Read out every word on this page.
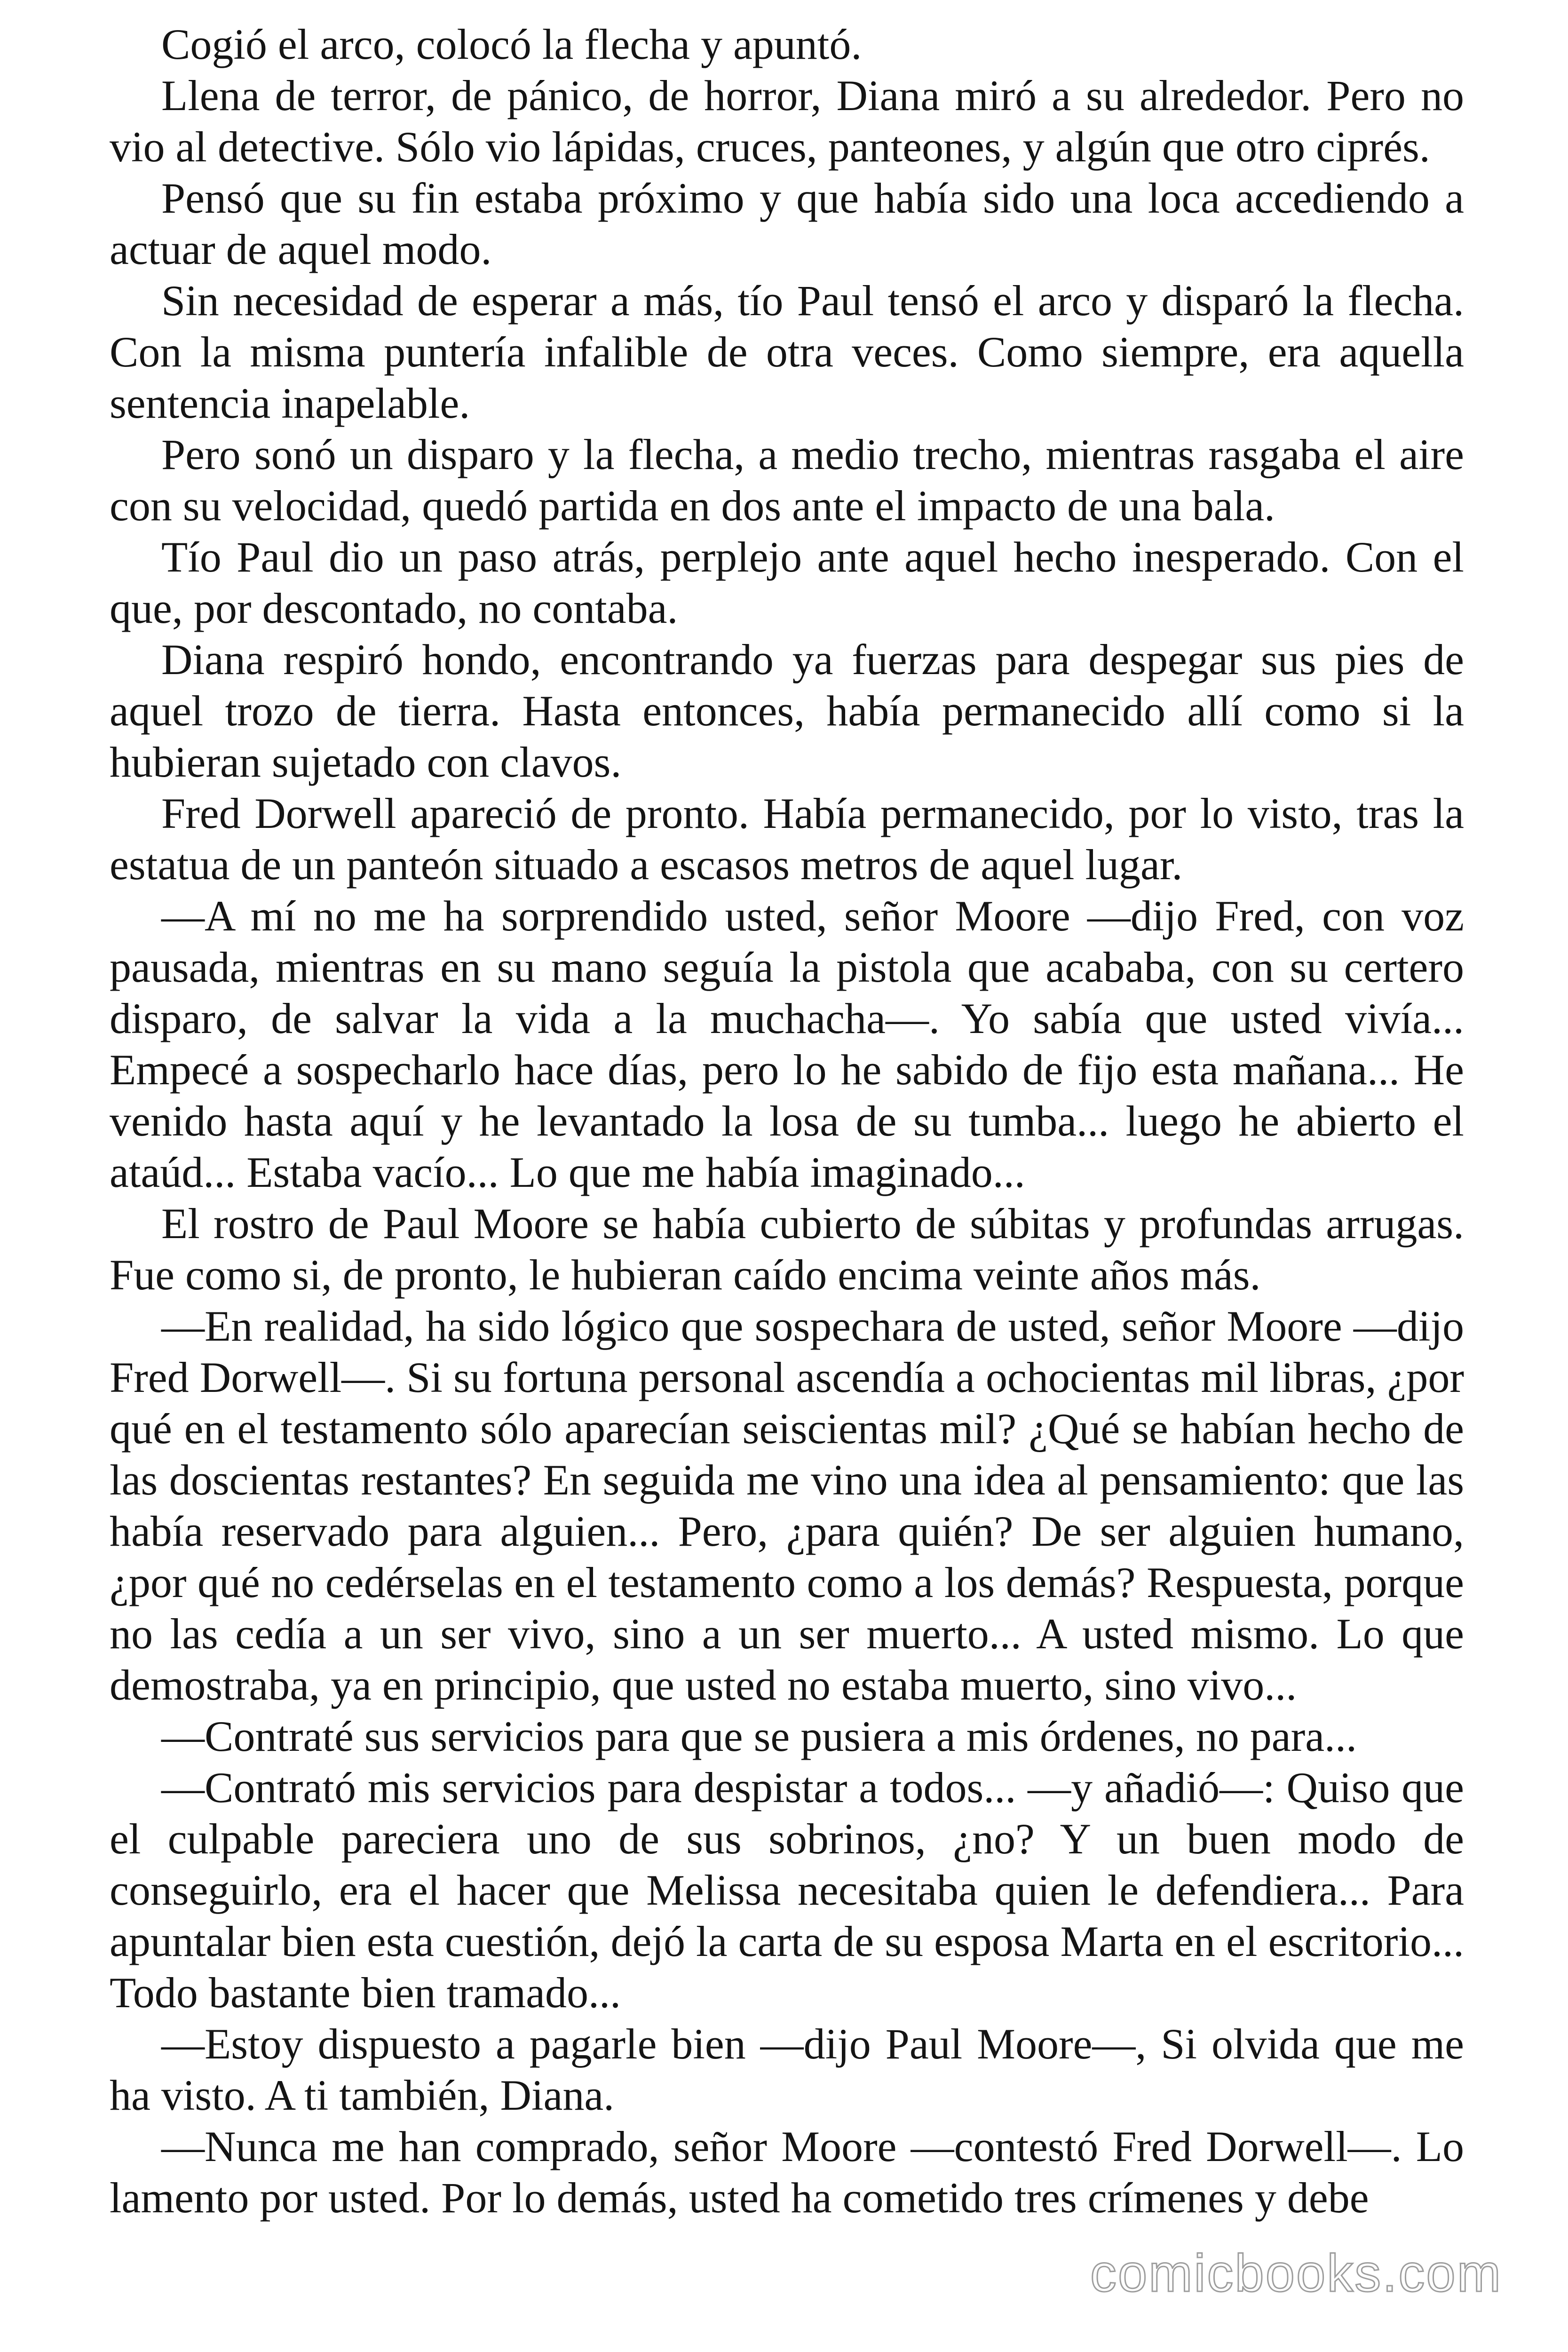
Cogió el arco, colocó la flecha y apuntó.

Llena de terror, de pánico, de horror, Diana miró a su alrededor. Pero no vio al detective. Sólo vio lápidas, cruces, panteones, y algún que otro ciprés.

Pensó que su fin estaba próximo y que había sido una loca accediendo a actuar de aquel modo.

Sin necesidad de esperar a más, tío Paul tensó el arco y disparó la flecha. Con la misma puntería infalible de otra veces. Como siempre, era aquella sentencia inapelable.

Pero sonó un disparo y la flecha, a medio trecho, mientras rasgaba el aire con su velocidad, quedó partida en dos ante el impacto de una bala.

Tío Paul dio un paso atrás, perplejo ante aquel hecho inesperado. Con el que, por descontado, no contaba.

Diana respiró hondo, encontrando ya fuerzas para despegar sus pies de aquel trozo de tierra. Hasta entonces, había permanecido allí como si la hubieran sujetado con clavos.

Fred Dorwell apareció de pronto. Había permanecido, por lo visto, tras la estatua de un panteón situado a escasos metros de aquel lugar.

—A mí no me ha sorprendido usted, señor Moore —dijo Fred, con voz pausada, mientras en su mano seguía la pistola que acababa, con su certero disparo, de salvar la vida a la muchacha—. Yo sabía que usted vivía... Empecé a sospecharlo hace días, pero lo he sabido de fijo esta mañana... He venido hasta aquí y he levantado la losa de su tumba... luego he abierto el ataúd... Estaba vacío... Lo que me había imaginado...

El rostro de Paul Moore se había cubierto de súbitas y profundas arrugas. Fue como si, de pronto, le hubieran caído encima veinte años más.

—En realidad, ha sido lógico que sospechara de usted, señor Moore —dijo Fred Dorwell—. Si su fortuna personal ascendía a ochocientas mil libras, ¿por qué en el testamento sólo aparecían seiscientas mil? ¿Qué se habían hecho de las doscientas restantes? En seguida me vino una idea al pensamiento: que las había reservado para alguien... Pero, ¿para quién? De ser alguien humano, ¿por qué no cedérselas en el testamento como a los demás? Respuesta, porque no las cedía a un ser vivo, sino a un ser muerto... A usted mismo. Lo que demostraba, ya en principio, que usted no estaba muerto, sino vivo...

—Contraté sus servicios para que se pusiera a mis órdenes, no para...

—Contrató mis servicios para despistar a todos... —y añadió—: Quiso que el culpable pareciera uno de sus sobrinos, ¿no? Y un buen modo de conseguirlo, era el hacer que Melissa necesitaba quien le defendiera... Para apuntalar bien esta cuestión, dejó la carta de su esposa Marta en el escritorio... Todo bastante bien tramado...

—Estoy dispuesto a pagarle bien —dijo Paul Moore—, Si olvida que me ha visto. A ti también, Diana.

—Nunca me han comprado, señor Moore —contestó Fred Dorwell—. Lo lamento por usted. Por lo demás, usted ha cometido tres crímenes y debe

comicbooks.com
